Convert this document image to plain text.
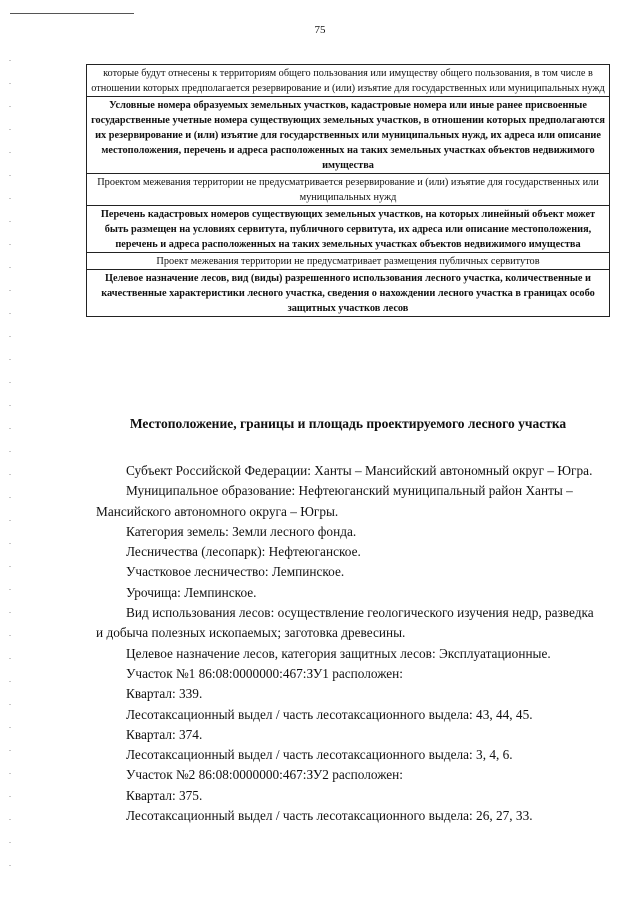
75
которые будут отнесены к территориям общего пользования или имуществу общего пользования, в том числе в отношении которых предполагается резервирование и (или) изъятие для государственных или муниципальных нужд
Условные номера образуемых земельных участков, кадастровые номера или иные ранее присвоенные государственные учетные номера существующих земельных участков, в отношении которых предполагаются их резервирование и (или) изъятие для государственных или муниципальных нужд, их адреса или описание местоположения, перечень и адреса расположенных на таких земельных участках объектов недвижимого имущества
Проектом межевания территории не предусматривается резервирование и (или) изъятие для государственных или муниципальных нужд
Перечень кадастровых номеров существующих земельных участков, на которых линейный объект может быть размещен на условиях сервитута, публичного сервитута, их адреса или описание местоположения, перечень и адреса расположенных на таких земельных участках объектов недвижимого имущества
Проект межевания территории не предусматривает размещения публичных сервитутов
Целевое назначение лесов, вид (виды) разрешенного использования лесного участка, количественные и качественные характеристики лесного участка, сведения о нахождении лесного участка в границах особо защитных участков лесов
Местоположение, границы и площадь проектируемого лесного участка

Субъект Российской Федерации: Ханты – Мансийский автономный округ – Югра.

Муниципальное образование: Нефтеюганский муниципальный район Ханты – Мансийского автономного округа – Югры.

Категория земель: Земли лесного фонда.

Лесничества (лесопарк): Нефтеюганское.

Участковое лесничество: Лемпинское.

Урочища: Лемпинское.

Вид использования лесов: осуществление геологического изучения недр, разведка и добыча полезных ископаемых; заготовка древесины.

Целевое назначение лесов, категория защитных лесов: Эксплуатационные.

Участок №1 86:08:0000000:467:ЗУ1 расположен:

Квартал: 339.

Лесотаксационный выдел / часть лесотаксационного выдела: 43, 44, 45.

Квартал: 374.

Лесотаксационный выдел / часть лесотаксационного выдела: 3, 4, 6.

Участок №2 86:08:0000000:467:ЗУ2 расположен:

Квартал: 375.

Лесотаксационный выдел / часть лесотаксационного выдела: 26, 27, 33.
